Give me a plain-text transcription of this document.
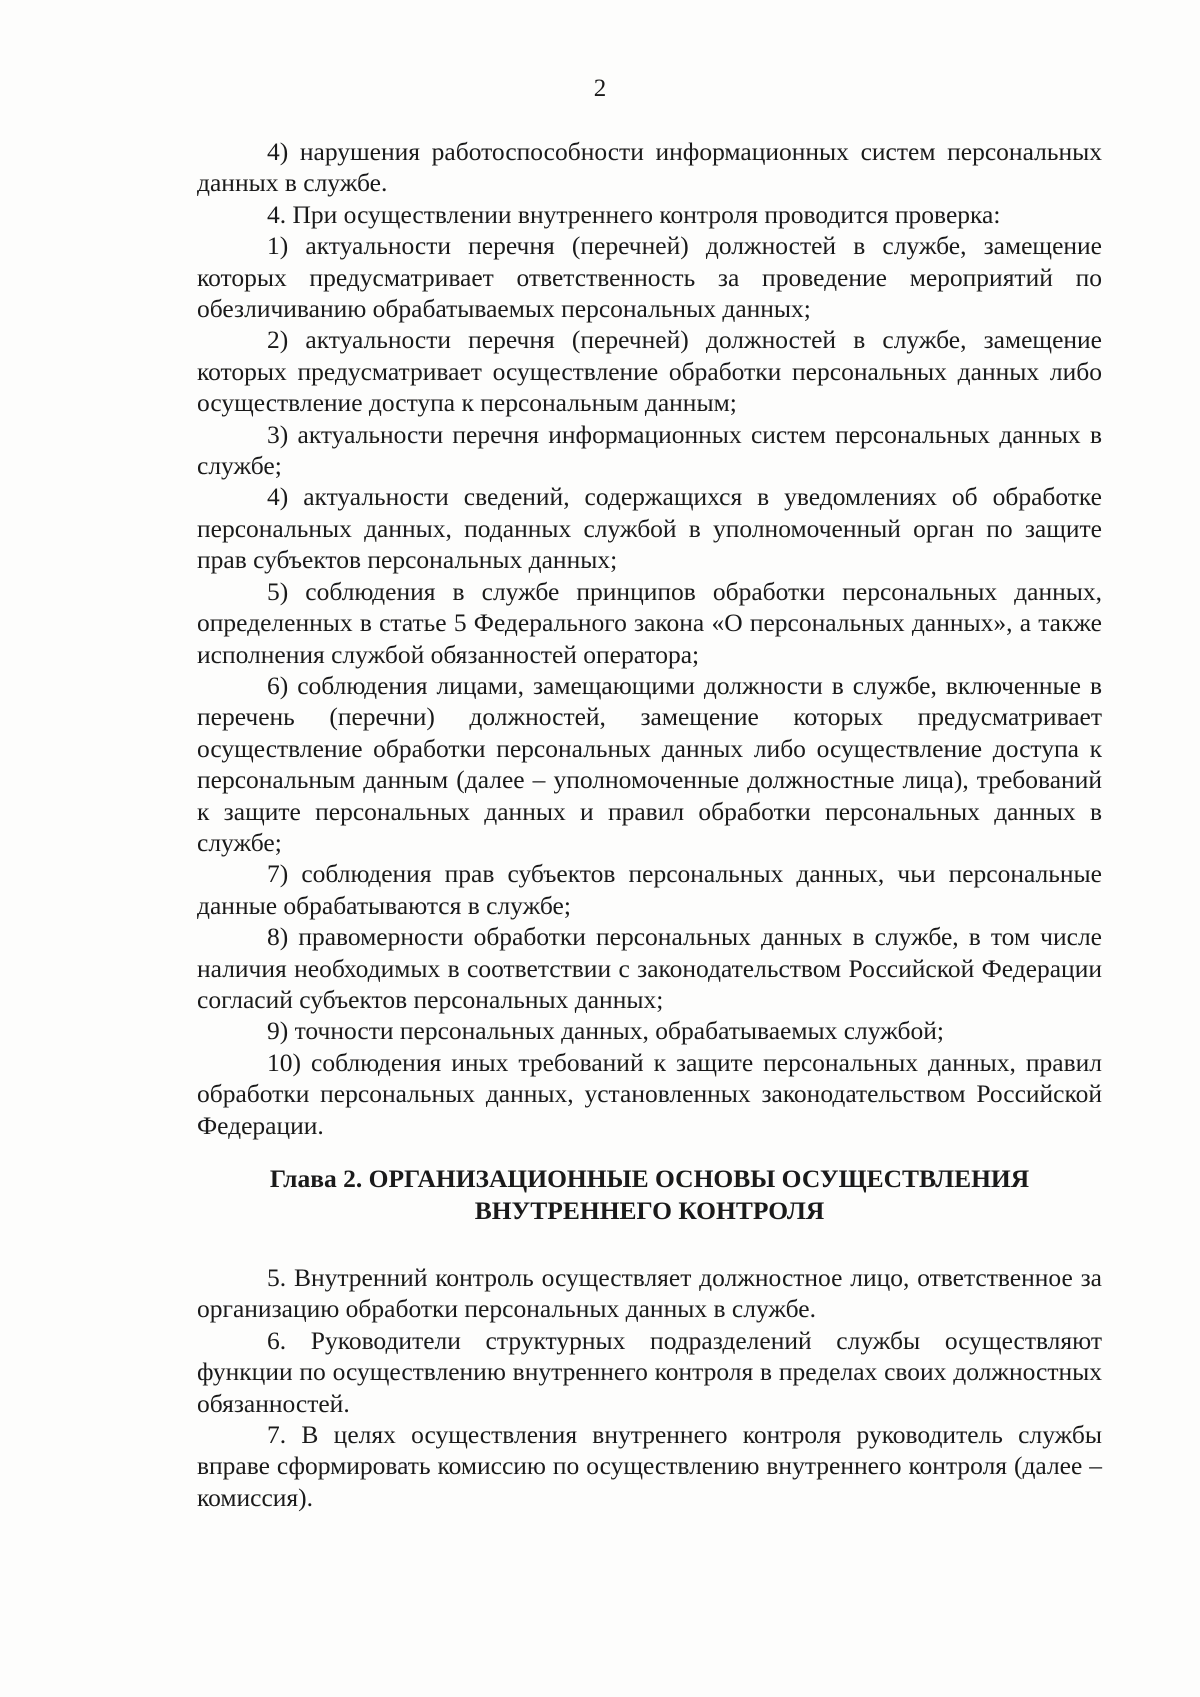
2

4) нарушения работоспособности информационных систем персональных данных в службе.

4. При осуществлении внутреннего контроля проводится проверка:

1) актуальности перечня (перечней) должностей в службе, замещение которых предусматривает ответственность за проведение мероприятий по обезличиванию обрабатываемых персональных данных;

2) актуальности перечня (перечней) должностей в службе, замещение которых предусматривает осуществление обработки персональных данных либо осуществление доступа к персональным данным;

3) актуальности перечня информационных систем персональных данных в службе;

4) актуальности сведений, содержащихся в уведомлениях об обработке персональных данных, поданных службой в уполномоченный орган по защите прав субъектов персональных данных;

5) соблюдения в службе принципов обработки персональных данных, определенных в статье 5 Федерального закона «О персональных данных», а также исполнения службой обязанностей оператора;

6) соблюдения лицами, замещающими должности в службе, включенные в перечень (перечни) должностей, замещение которых предусматривает осуществление обработки персональных данных либо осуществление доступа к персональным данным (далее – уполномоченные должностные лица), требований к защите персональных данных и правил обработки персональных данных в службе;

7) соблюдения прав субъектов персональных данных, чьи персональные данные обрабатываются в службе;

8) правомерности обработки персональных данных в службе, в том числе наличия необходимых в соответствии с законодательством Российской Федерации согласий субъектов персональных данных;

9) точности персональных данных, обрабатываемых службой;

10) соблюдения иных требований к защите персональных данных, правил обработки персональных данных, установленных законодательством Российской Федерации.

Глава 2. ОРГАНИЗАЦИОННЫЕ ОСНОВЫ ОСУЩЕСТВЛЕНИЯ
ВНУТРЕННЕГО КОНТРОЛЯ

5. Внутренний контроль осуществляет должностное лицо, ответственное за организацию обработки персональных данных в службе.

6. Руководители структурных подразделений службы осуществляют функции по осуществлению внутреннего контроля в пределах своих должностных обязанностей.

7. В целях осуществления внутреннего контроля руководитель службы вправе сформировать комиссию по осуществлению внутреннего контроля (далее – комиссия).
